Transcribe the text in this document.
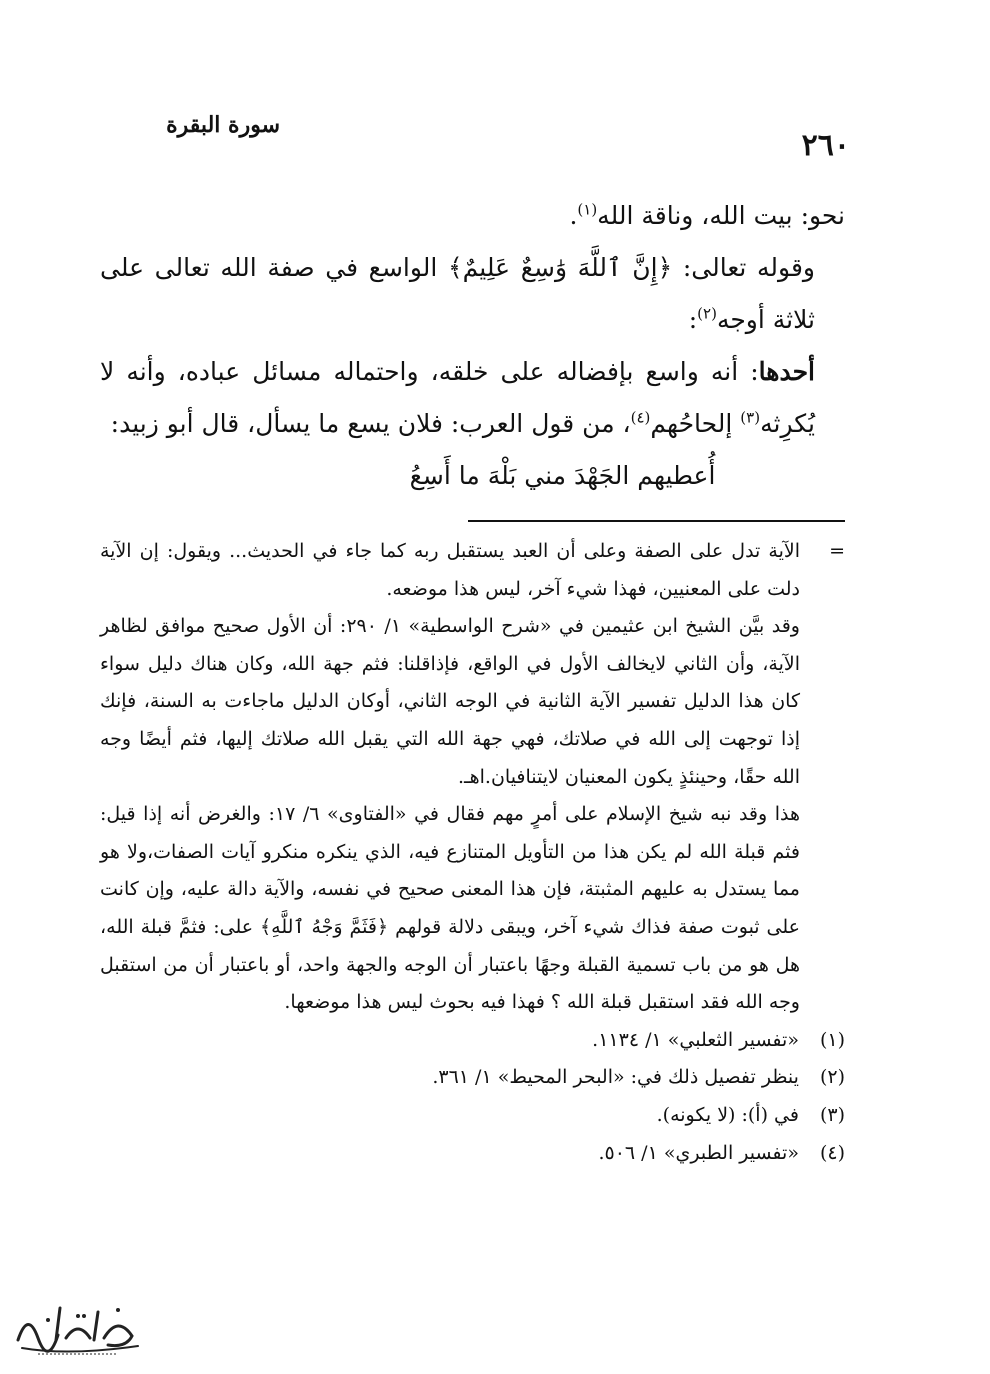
سورة البقرة
٢٦٠

نحو: بيت الله، وناقة الله$^{(١)}$.

وقوله تعالى: ﴿إِنَّ ٱللَّهَ وَٰسِعٌ عَلِيمٌ﴾ الواسع في صفة الله تعالى على ثلاثة أوجه$^{(٢)}$:

أحدها: أنه واسع بإفضاله على خلقه، واحتماله مسائل عباده، وأنه لا يُكرِثه$^{(٣)}$ إلحاحُهم$^{(٤)}$، من قول العرب: فلان يسع ما يسأل، قال أبو زبيد:

أُعطيهم الجَهْدَ مني بَلْهَ ما أَسِعُ

=

الآية تدل على الصفة وعلى أن العبد يستقبل ربه كما جاء في الحديث... ويقول: إن الآية دلت على المعنيين، فهذا شيء آخر، ليس هذا موضعه.

وقد بيَّن الشيخ ابن عثيمين في «شرح الواسطية» ١/ ٢٩٠: أن الأول صحيح موافق لظاهر الآية، وأن الثاني لايخالف الأول في الواقع، فإذاقلنا: فثم جهة الله، وكان هناك دليل سواء كان هذا الدليل تفسير الآية الثانية في الوجه الثاني، أوكان الدليل ماجاءت به السنة، فإنك إذا توجهت إلى الله في صلاتك، فهي جهة الله التي يقبل الله صلاتك إليها، فثم أيضًا وجه الله حقًا، وحينئذٍ يكون المعنيان لايتنافيان.اهـ.

هذا وقد نبه شيخ الإسلام على أمرٍ مهم فقال في «الفتاوى» ٦/ ١٧: والغرض أنه إذا قيل: فثم قبلة الله لم يكن هذا من التأويل المتنازع فيه، الذي ينكره منكرو آيات الصفات،ولا هو مما يستدل به عليهم المثبتة، فإن هذا المعنى صحيح في نفسه، والآية دالة عليه، وإن كانت على ثبوت صفة فذاك شيء آخر، ويبقى دلالة قولهم ﴿فَثَمَّ وَجْهُ ٱللَّهِ﴾ على: فثمَّ قبلة الله، هل هو من باب تسمية القبلة وجهًا باعتبار أن الوجه والجهة واحد، أو باعتبار أن من استقبل وجه الله فقد استقبل قبلة الله ؟ فهذا فيه بحوث ليس هذا موضعها.

(١) «تفسير الثعلبي» ١/ ١١٣٤.

(٢) ينظر تفصيل ذلك في: «البحر المحيط» ١/ ٣٦١.

(٣) في (أ): (لا يكونه).

(٤) «تفسير الطبري» ١/ ٥٠٦.
